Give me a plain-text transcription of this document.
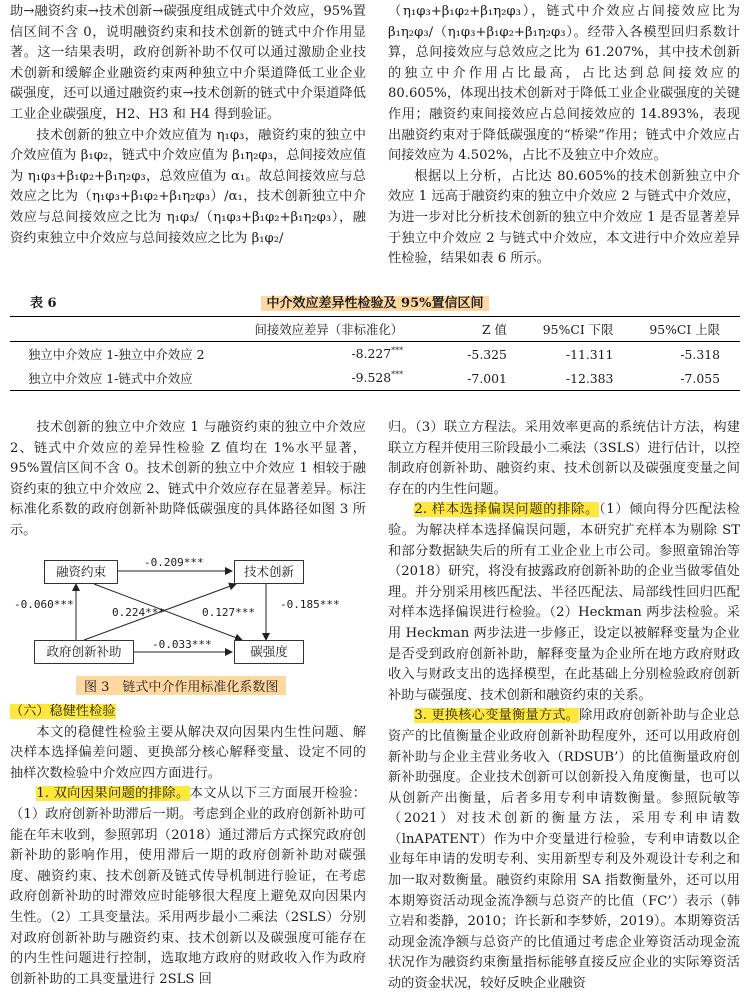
助→融资约束→技术创新→碳强度组成链式中介效应，95%置信区间不含 0，说明融资约束和技术创新的链式中介作用显著。这一结果表明，政府创新补助不仅可以通过激励企业技术创新和缓解企业融资约束两种独立中介渠道降低工业企业碳强度，还可以通过融资约束→技术创新的链式中介渠道降低工业企业碳强度，H2、H3 和 H4 得到验证。

技术创新的独立中介效应值为 η₁φ₃，融资约束的独立中介效应值为 β₁φ₂，链式中介效应值为 β₁η₂φ₃，总间接效应值为 η₁φ₃+β₁φ₂+β₁η₂φ₃，总效应值为 α₁。故总间接效应与总效应之比为（η₁φ₃+β₁φ₂+β₁η₂φ₃）/α₁，技术创新独立中介效应与总间接效应之比为 η₁φ₃/（η₁φ₃+β₁φ₂+β₁η₂φ₃），融资约束独立中介效应与总间接效应之比为 β₁φ₂/

（η₁φ₃+β₁φ₂+β₁η₂φ₃），链式中介效应占间接效应比为 β₁η₂φ₃/（η₁φ₃+β₁φ₂+β₁η₂φ₃）。经带入各模型回归系数计算，总间接效应与总效应之比为 61.207%，其中技术创新的独立中介作用占比最高，占比达到总间接效应的 80.605%，体现出技术创新对于降低工业企业碳强度的关键作用；融资约束间接效应占总间接效应的 14.893%，表现出融资约束对于降低碳强度的“桥梁”作用；链式中介效应占间接效应为 4.502%，占比不及独立中介效应。

根据以上分析，占比达 80.605%的技术创新独立中介效应 1 远高于融资约束的独立中介效应 2 与链式中介效应，为进一步对比分析技术创新的独立中介效应 1 是否显著差异于独立中介效应 2 与链式中介效应，本文进行中介效应差异性检验，结果如表 6 所示。

中介效应差异性检验及 95%置信区间
表 6
	间接效应差异（非标准化）	Z 值	95%CI 下限	95%CI 上限
独立中介效应 1-独立中介效应 2	-8.227***	-5.325	-11.311	-5.318
独立中介效应 1-链式中介效应	-9.528***	-7.001	-12.383	-7.055

技术创新的独立中介效应 1 与融资约束的独立中介效应 2、链式中介效应的差异性检验 Z 值均在 1%水平显著，95%置信区间不含 0。技术创新的独立中介效应 1 相较于融资约束的独立中介效应 2、链式中介效应存在显著差异。标注标准化系数的政府创新补助降低碳强度的具体路径如图 3 所示。

融资约束	技术创新
政府创新补助	碳强度
-0.209***
-0.060***
0.224***	0.127***
-0.185***
-0.033***
图 3　链式中介作用标准化系数图

（六）稳健性检验

本文的稳健性检验主要从解决双向因果内生性问题、解决样本选择偏差问题、更换部分核心解释变量、设定不同的抽样次数检验中介效应四方面进行。

1. 双向因果问题的排除。本文从以下三方面展开检验：（1）政府创新补助滞后一期。考虑到企业的政府创新补助可能在年末收到，参照郭玥（2018）通过滞后方式探究政府创新补助的影响作用，使用滞后一期的政府创新补助对碳强度、融资约束、技术创新及链式传导机制进行验证，在考虑政府创新补助的时滞效应时能够很大程度上避免双向因果内生性。（2）工具变量法。采用两步最小二乘法（2SLS）分别对政府创新补助与融资约束、技术创新以及碳强度可能存在的内生性问题进行控制，选取地方政府的财政收入作为政府创新补助的工具变量进行 2SLS 回

归。（3）联立方程法。采用效率更高的系统估计方法，构建联立方程并使用三阶段最小二乘法（3SLS）进行估计，以控制政府创新补助、融资约束、技术创新以及碳强度变量之间存在的内生性问题。

2. 样本选择偏误问题的排除。（1）倾向得分匹配法检验。为解决样本选择偏误问题，本研究扩充样本为剔除 ST 和部分数据缺失后的所有工业企业上市公司。参照童锦治等（2018）研究，将没有披露政府创新补助的企业当做零值处理。并分别采用核匹配法、半径匹配法、局部线性回归匹配对样本选择偏误进行检验。（2）Heckman 两步法检验。采用 Heckman 两步法进一步修正，设定以被解释变量为企业是否受到政府创新补助，解释变量为企业所在地方政府财政收入与财政支出的选择模型，在此基础上分别检验政府创新补助与碳强度、技术创新和融资约束的关系。

3. 更换核心变量衡量方式。除用政府创新补助与企业总资产的比值衡量企业政府创新补助程度外，还可以用政府创新补助与企业主营业务收入（RDSUB’）的比值衡量政府创新补助强度。企业技术创新可以创新投入角度衡量，也可以从创新产出衡量，后者多用专利申请数衡量。参照阮敏等（2021）对技术创新的衡量方法，采用专利申请数（lnAPATENT）作为中介变量进行检验，专利申请数以企业每年申请的发明专利、实用新型专利及外观设计专利之和加一取对数衡量。融资约束除用 SA 指数衡量外，还可以用本期筹资活动现金流净额与总资产的比值（FC’）表示（韩立岩和娄静，2010；许长新和李梦娇，2019）。本期筹资活动现金流净额与总资产的比值通过考虑企业筹资活动现金流状况作为融资约束衡量指标能够直接反应企业的实际筹资活动的资金状况，较好反映企业融资
